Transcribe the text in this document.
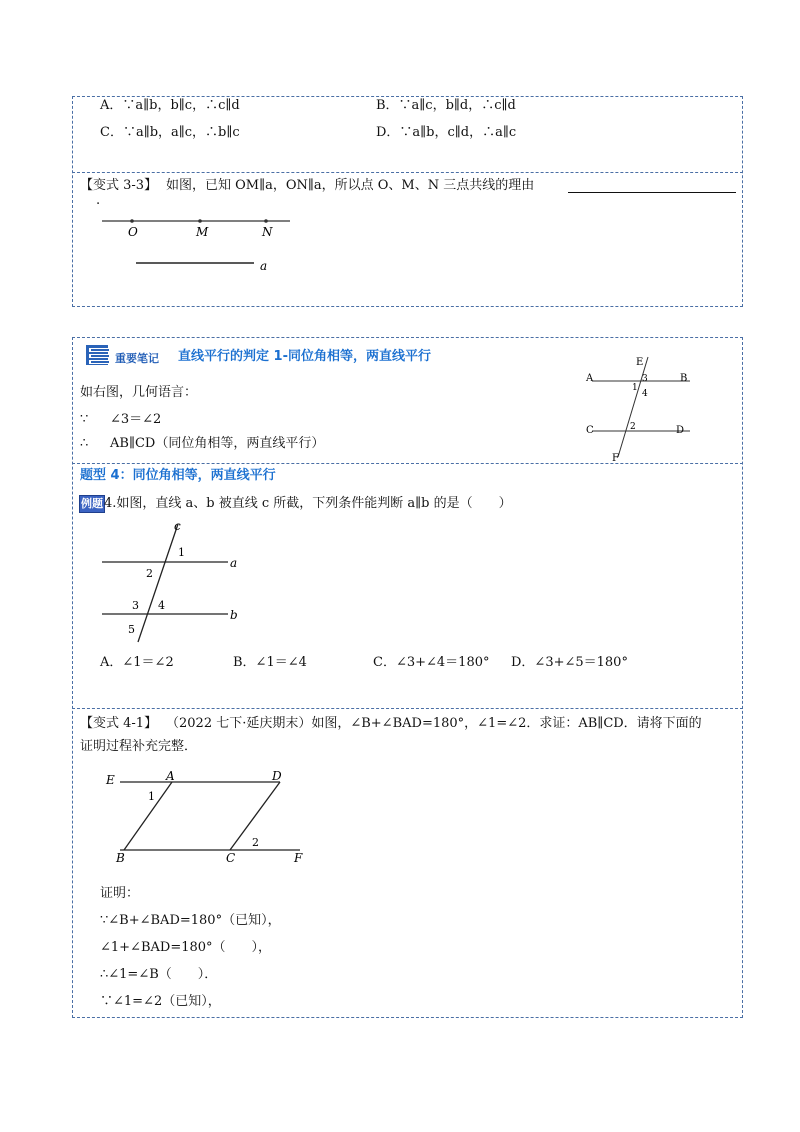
A．∵a∥b，b∥c，∴c∥d	B．∵a∥c，b∥d，∴c∥d
C．∵a∥b，a∥c，∴b∥c	D．∵a∥b，c∥d，∴a∥c
【变式 3-3】 如图，已知 OM∥a，ON∥a，所以点 O、M、N 三点共线的理由
.
O	M	N
a
重要笔记 直线平行的判定 1-同位角相等，两直线平行
如右图，几何语言：
∵ ∠3＝∠2
∴ AB∥CD（同位角相等，两直线平行）
E
A	B
3
1
4
C	D
2
F
题型 4：同位角相等，两直线平行
例题 4.如图，直线 a、b 被直线 c 所截，下列条件能判断 a∥b 的是（　　）
c
a
b
1
2
3 4
5
A．∠1＝∠2	B．∠1＝∠4	C．∠3+∠4＝180° D．∠3+∠5＝180°
【变式 4-1】 （2022 七下·延庆期末）如图，∠B+∠BAD=180°，∠1=∠2．求证：AB∥CD．请将下面的
证明过程补充完整．
E	A	D
1
2
B	C	F
证明：
∵∠B+∠BAD=180°（已知），
∠1+∠BAD=180°（　　），
∴∠1=∠B（　　）．
∵∠1=∠2（已知），
